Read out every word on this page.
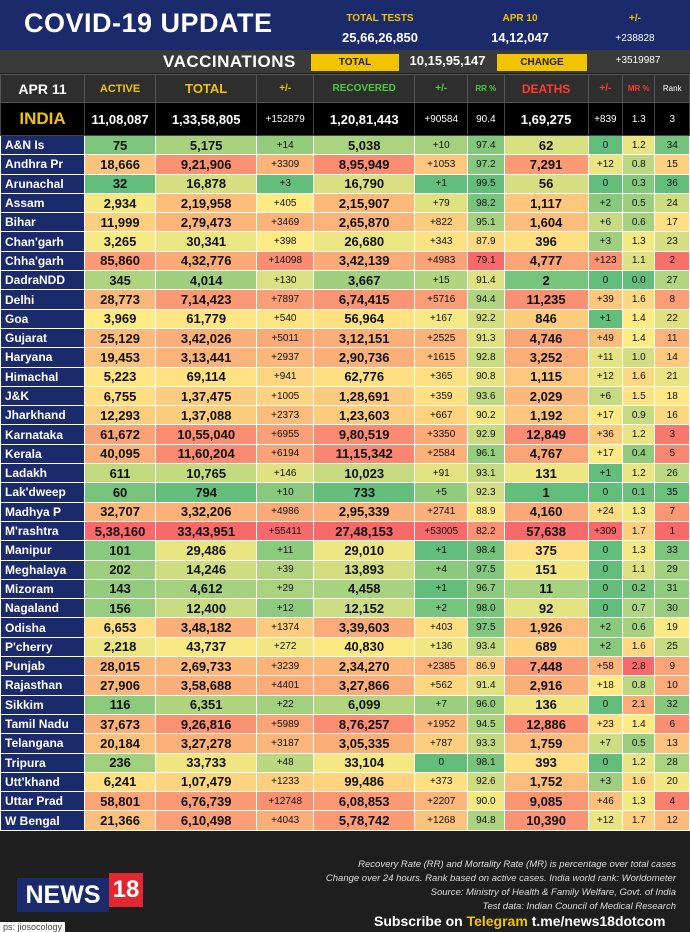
COVID-19 UPDATE	TOTAL TESTS
25,66,26,850
APR 10
14,12,047
+/-
+238828
VACCINATIONS	TOTAL	10,15,95,147	CHANGE	+3519987
APR 11	ACTIVE	TOTAL	+/-	RECOVERED	+/-	RR %	DEATHS	+/-	MR %	Rank
INDIA	11,08,087	1,33,58,805	+152879	1,20,81,443	+90584	90.4	1,69,275	+839	1.3	3
A&N Is	75	5,175	+14	5,038	+10	97.4	62	0	1.2	34
Andhra Pr	18,666	9,21,906	+3309	8,95,949	+1053	97.2	7,291	+12	0.8	15
Arunachal	32	16,878	+3	16,790	+1	99.5	56	0	0.3	36
Assam	2,934	2,19,958	+405	2,15,907	+79	98.2	1,117	+2	0.5	24
Bihar	11,999	2,79,473	+3469	2,65,870	+822	95.1	1,604	+6	0.6	17
Chan'garh	3,265	30,341	+398	26,680	+343	87.9	396	+3	1.3	23
Chha'garh	85,860	4,32,776	+14098	3,42,139	+4983	79.1	4,777	+123	1.1	2
DadraNDD	345	4,014	+130	3,667	+15	91.4	2	0	0.0	27
Delhi	28,773	7,14,423	+7897	6,74,415	+5716	94.4	11,235	+39	1.6	8
Goa	3,969	61,779	+540	56,964	+167	92.2	846	+1	1.4	22
Gujarat	25,129	3,42,026	+5011	3,12,151	+2525	91.3	4,746	+49	1.4	11
Haryana	19,453	3,13,441	+2937	2,90,736	+1615	92.8	3,252	+11	1.0	14
Himachal	5,223	69,114	+941	62,776	+365	90.8	1,115	+12	1.6	21
J&K	6,755	1,37,475	+1005	1,28,691	+359	93.6	2,029	+6	1.5	18
Jharkhand	12,293	1,37,088	+2373	1,23,603	+667	90.2	1,192	+17	0.9	16
Karnataka	61,672	10,55,040	+6955	9,80,519	+3350	92.9	12,849	+36	1.2	3
Kerala	40,095	11,60,204	+6194	11,15,342	+2584	96.1	4,767	+17	0.4	5
Ladakh	611	10,765	+146	10,023	+91	93.1	131	+1	1.2	26
Lak'dweep	60	794	+10	733	+5	92.3	1	0	0.1	35
Madhya P	32,707	3,32,206	+4986	2,95,339	+2741	88.9	4,160	+24	1.3	7
M'rashtra	5,38,160	33,43,951	+55411	27,48,153	+53005	82.2	57,638	+309	1.7	1
Manipur	101	29,486	+11	29,010	+1	98.4	375	0	1.3	33
Meghalaya	202	14,246	+39	13,893	+4	97.5	151	0	1.1	29
Mizoram	143	4,612	+29	4,458	+1	96.7	11	0	0.2	31
Nagaland	156	12,400	+12	12,152	+2	98.0	92	0	0.7	30
Odisha	6,653	3,48,182	+1374	3,39,603	+403	97.5	1,926	+2	0.6	19
P'cherry	2,218	43,737	+272	40,830	+136	93.4	689	+2	1.6	25
Punjab	28,015	2,69,733	+3239	2,34,270	+2385	86.9	7,448	+58	2.8	9
Rajasthan	27,906	3,58,688	+4401	3,27,866	+562	91.4	2,916	+18	0.8	10
Sikkim	116	6,351	+22	6,099	+7	96.0	136	0	2.1	32
Tamil Nadu	37,673	9,26,816	+5989	8,76,257	+1952	94.5	12,886	+23	1.4	6
Telangana	20,184	3,27,278	+3187	3,05,335	+787	93.3	1,759	+7	0.5	13
Tripura	236	33,733	+48	33,104	0	98.1	393	0	1.2	28
Utt'khand	6,241	1,07,479	+1233	99,486	+373	92.6	1,752	+3	1.6	20
Uttar Prad	58,801	6,76,739	+12748	6,08,853	+2207	90.0	9,085	+46	1.3	4
W Bengal	21,366	6,10,498	+4043	5,78,742	+1268	94.8	10,390	+12	1.7	12
Recovery Rate (RR) and Mortality Rate (MR) is percentage over total cases
Change over 24 hours. Rank based on active cases. India world rank: Worldometer
Source: Ministry of Health & Family Welfare, Govt. of India
Test data: Indian Council of Medical Research
NEWS 18
Subscribe on Telegram t.me/news18dotcom
ps: jiosocology
